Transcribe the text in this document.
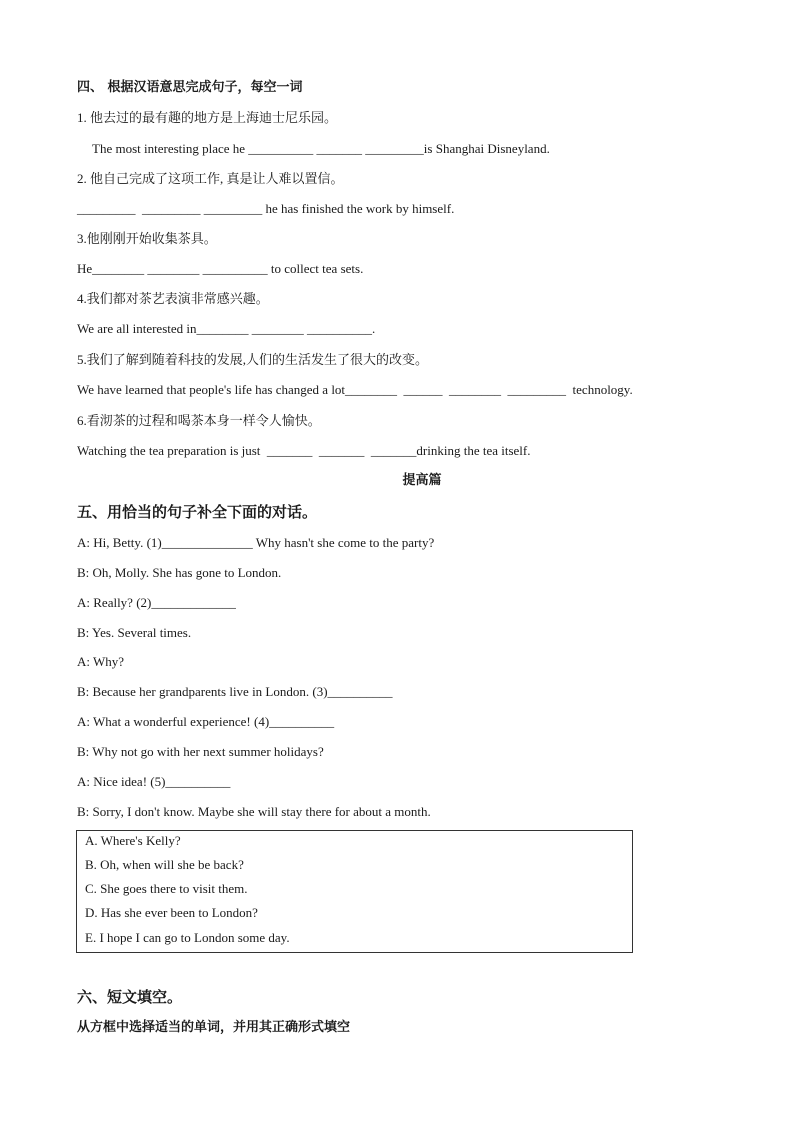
四、 根据汉语意思完成句子，每空一词
1. 他去过的最有趣的地方是上海迪士尼乐园。
The most interesting place he __________ _______ _________is Shanghai Disneyland.
2. 他自己完成了这项工作, 真是让人难以置信。
_________  _________ _________ he has finished the work by himself.
3.他刚刚开始收集茶具。
He________ ________ __________ to collect tea sets.
4.我们都对茶艺表演非常感兴趣。
We are all interested in________ ________ __________.
5.我们了解到随着科技的发展,人们的生活发生了很大的改变。
We have learned that people's life has changed a lot________  ______  ________  _________  technology.
6.看沏茶的过程和喝茶本身一样令人愉快。
Watching the tea preparation is just  _______  _______  _______drinking the tea itself.
提高篇
五、用恰当的句子补全下面的对话。
A: Hi, Betty. (1)______________ Why hasn't she come to the party?
B: Oh, Molly. She has gone to London.
A: Really? (2)_____________
B: Yes. Several times.
A: Why?
B: Because her grandparents live in London. (3)__________
A: What a wonderful experience! (4)__________
B: Why not go with her next summer holidays?
A: Nice idea! (5)__________
B: Sorry, I don't know. Maybe she will stay there for about a month.
A. Where's Kelly?
B. Oh, when will she be back?
C. She goes there to visit them.
D. Has she ever been to London?
E. I hope I can go to London some day.
六、短文填空。
从方框中选择适当的单词，并用其正确形式填空
